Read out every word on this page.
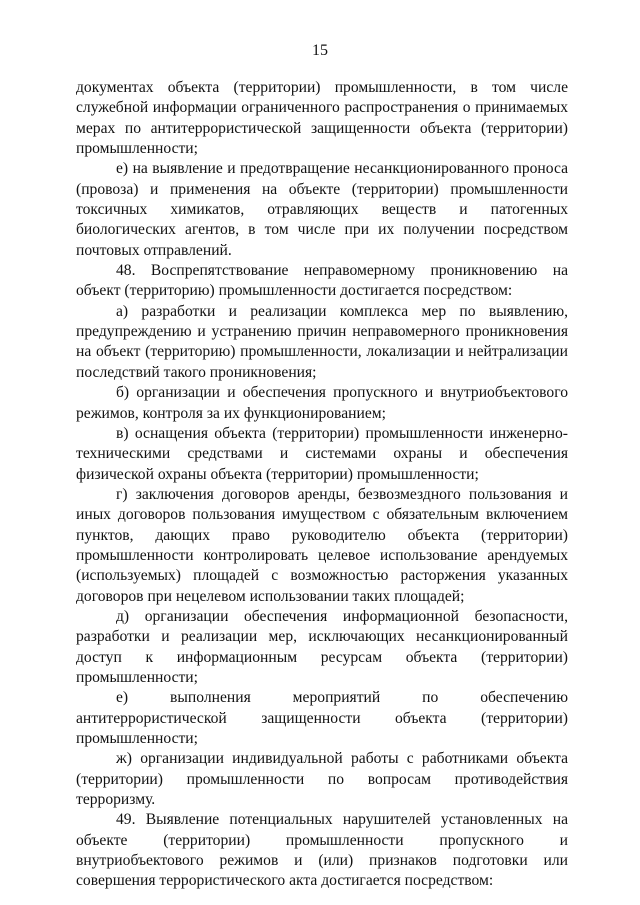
15

документах объекта (территории) промышленности, в том числе служебной информации ограниченного распространения о принимаемых мерах по антитеррористической защищенности объекта (территории) промышленности;

е) на выявление и предотвращение несанкционированного проноса (провоза) и применения на объекте (территории) промышленности токсичных химикатов, отравляющих веществ и патогенных биологических агентов, в том числе при их получении посредством почтовых отправлений.

48. Воспрепятствование неправомерному проникновению на объект (территорию) промышленности достигается посредством:

а) разработки и реализации комплекса мер по выявлению, предупреждению и устранению причин неправомерного проникновения на объект (территорию) промышленности, локализации и нейтрализации последствий такого проникновения;

б) организации и обеспечения пропускного и внутриобъектового режимов, контроля за их функционированием;

в) оснащения объекта (территории) промышленности инженерно-техническими средствами и системами охраны и обеспечения физической охраны объекта (территории) промышленности;

г) заключения договоров аренды, безвозмездного пользования и иных договоров пользования имуществом с обязательным включением пунктов, дающих право руководителю объекта (территории) промышленности контролировать целевое использование арендуемых (используемых) площадей с возможностью расторжения указанных договоров при нецелевом использовании таких площадей;

д) организации обеспечения информационной безопасности, разработки и реализации мер, исключающих несанкционированный доступ к информационным ресурсам объекта (территории) промышленности;

е) выполнения мероприятий по обеспечению антитеррористической защищенности объекта (территории) промышленности;

ж) организации индивидуальной работы с работниками объекта (территории) промышленности по вопросам противодействия терроризму.

49. Выявление потенциальных нарушителей установленных на объекте (территории) промышленности пропускного и внутриобъектового режимов и (или) признаков подготовки или совершения террористического акта достигается посредством:
